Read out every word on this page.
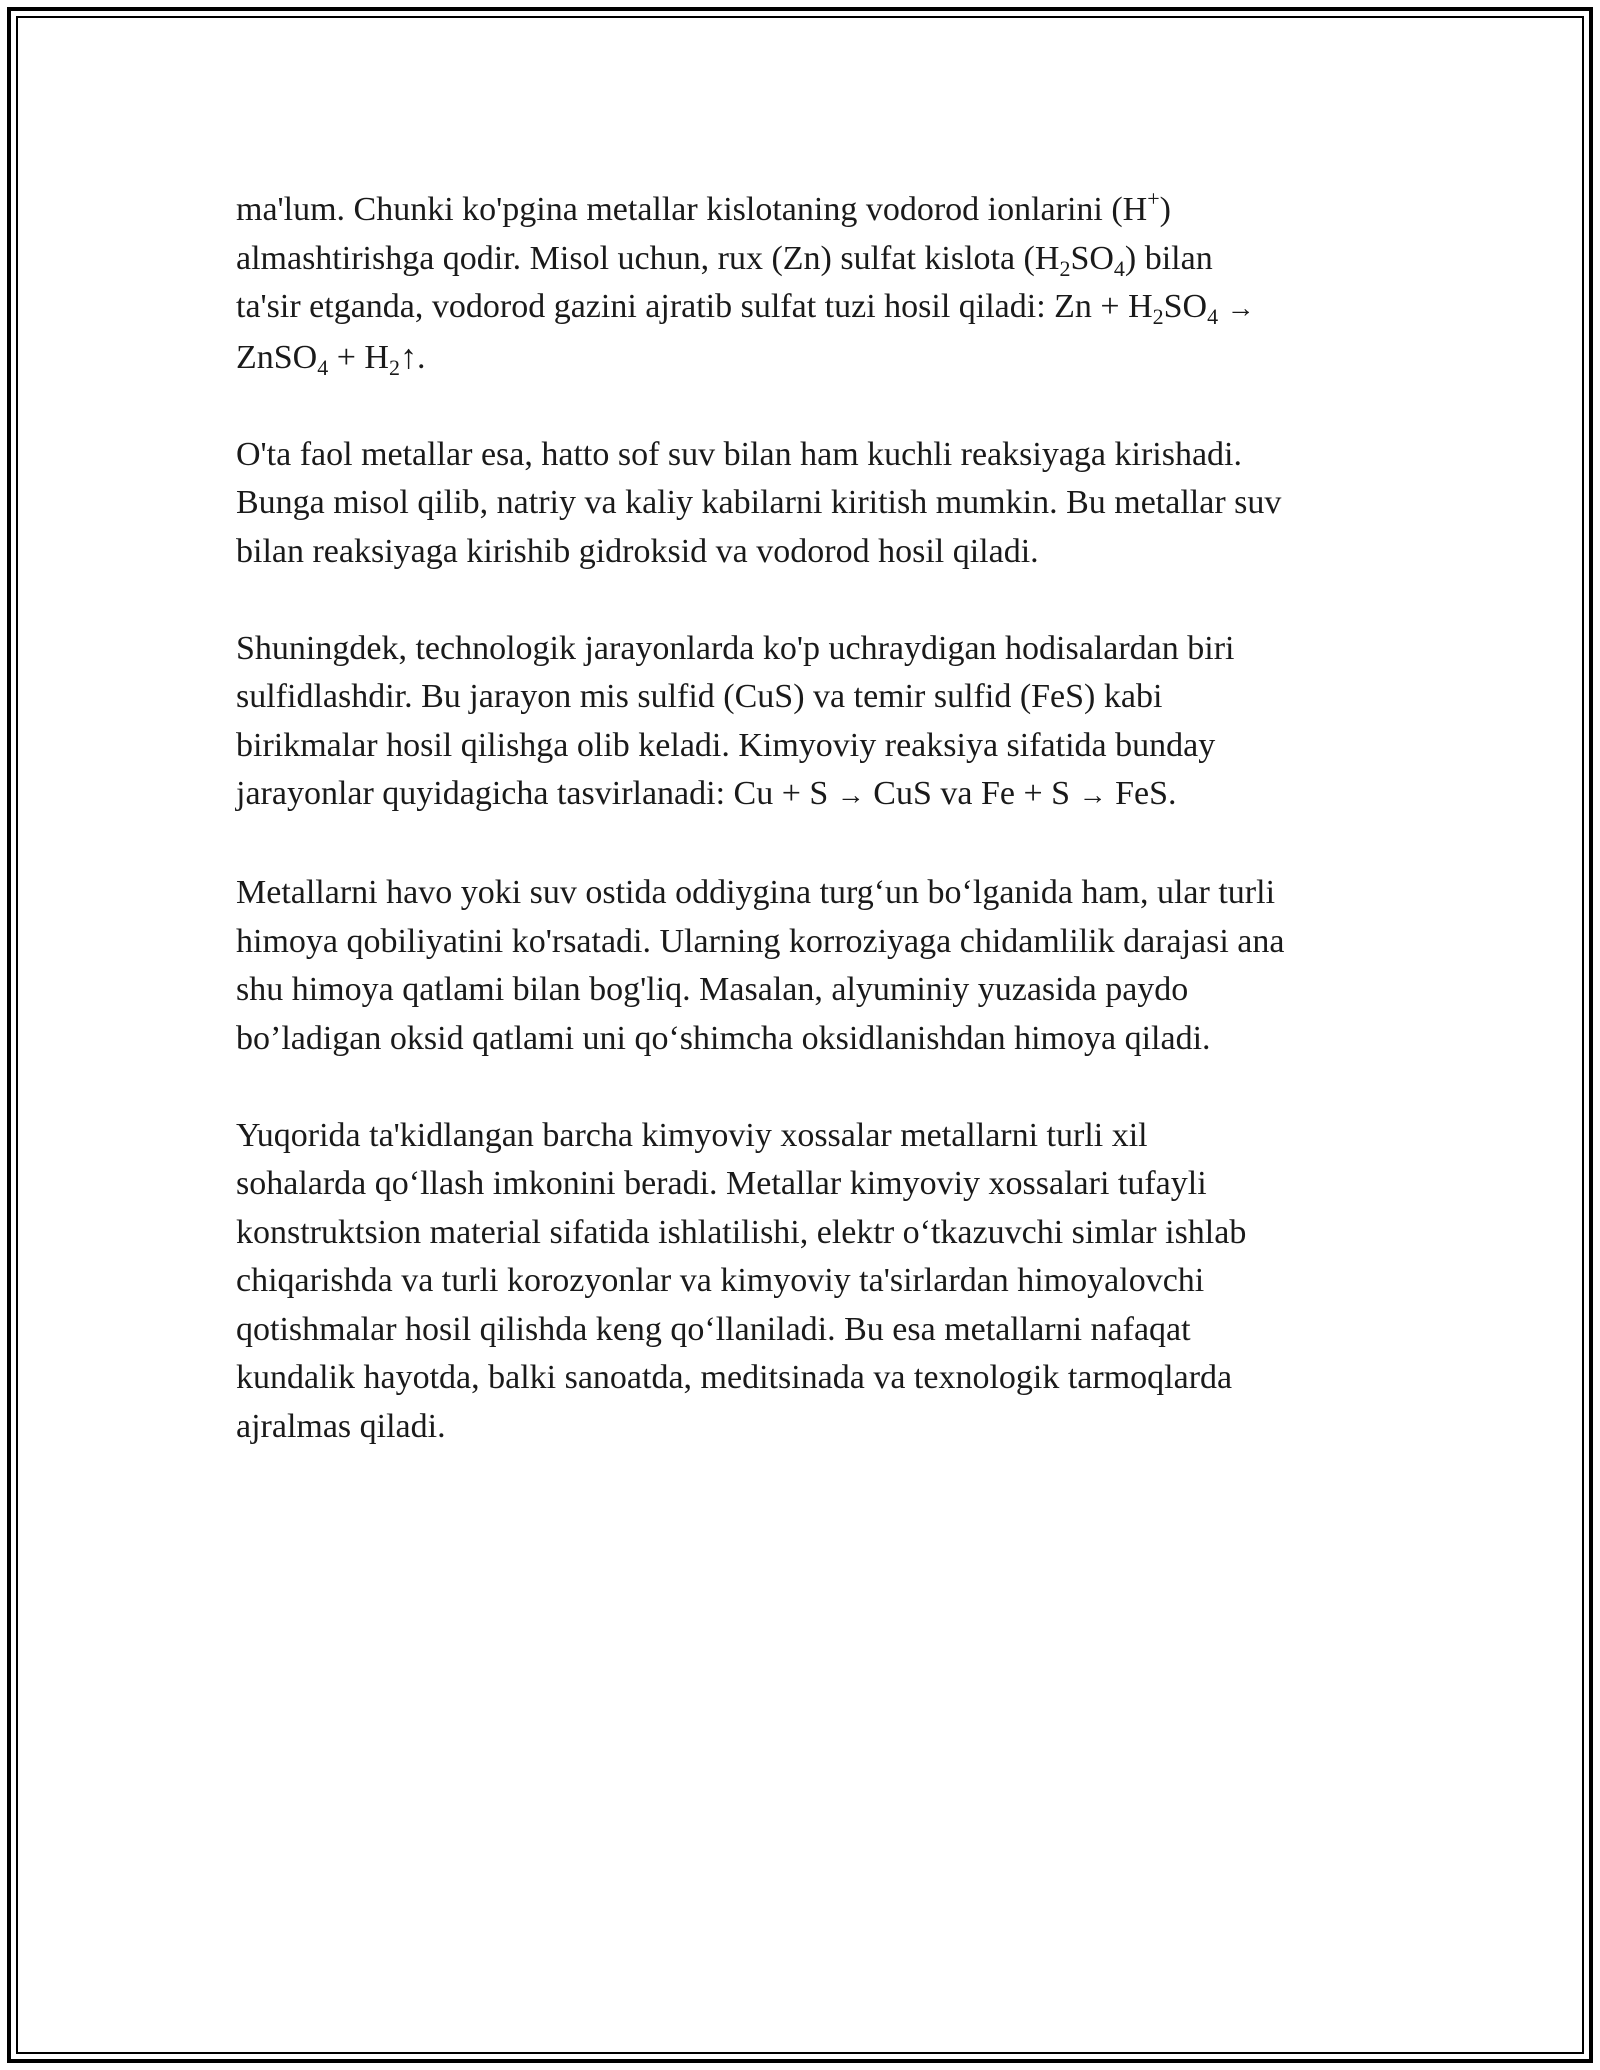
ma'lum. Chunki ko'pgina metallar kislotaning vodorod ionlarini (H+)
almashtirishga qodir. Misol uchun, rux (Zn) sulfat kislota $(H_2SO_4)$ bilan
ta'sir etganda, vodorod gazini ajratib sulfat tuzi hosil qiladi: $Zn + H_2SO_4$ →
ZnSO$_4$ + $H_2↑$.

O'ta faol metallar esa, hatto sof suv bilan ham kuchli reaksiyaga kirishadi.
Bunga misol qilib, natriy va kaliy kabilarni kiritish mumkin. Bu metallar suv
bilan reaksiyaga kirishib gidroksid va vodorod hosil qiladi.

Shuningdek, technologik jarayonlarda ko'p uchraydigan hodisalardan biri
sulfidlashdir. Bu jarayon mis sulfid (CuS) va temir sulfid (FeS) kabi
birikmalar hosil qilishga olib keladi. Kimyoviy reaksiya sifatida bunday
jarayonlar quyidagicha tasvirlanadi: Cu + S → CuS va Fe + S → FeS.

Metallarni havo yoki suv ostida oddiygina turg‘un bo‘lganida ham, ular turli
himoya qobiliyatini ko'rsatadi. Ularning korroziyaga chidamlilik darajasi ana
shu himoya qatlami bilan bog'liq. Masalan, alyuminiy yuzasida paydo
bo’ladigan oksid qatlami uni qo‘shimcha oksidlanishdan himoya qiladi.

Yuqorida ta'kidlangan barcha kimyoviy xossalar metallarni turli xil
sohalarda qo‘llash imkonini beradi. Metallar kimyoviy xossalari tufayli
konstruktsion material sifatida ishlatilishi, elektr o‘tkazuvchi simlar ishlab
chiqarishda va turli korozyonlar va kimyoviy ta'sirlardan himoyalovchi
qotishmalar hosil qilishda keng qo‘llaniladi. Bu esa metallarni nafaqat
kundalik hayotda, balki sanoatda, meditsinada va texnologik tarmoqlarda
ajralmas qiladi.
